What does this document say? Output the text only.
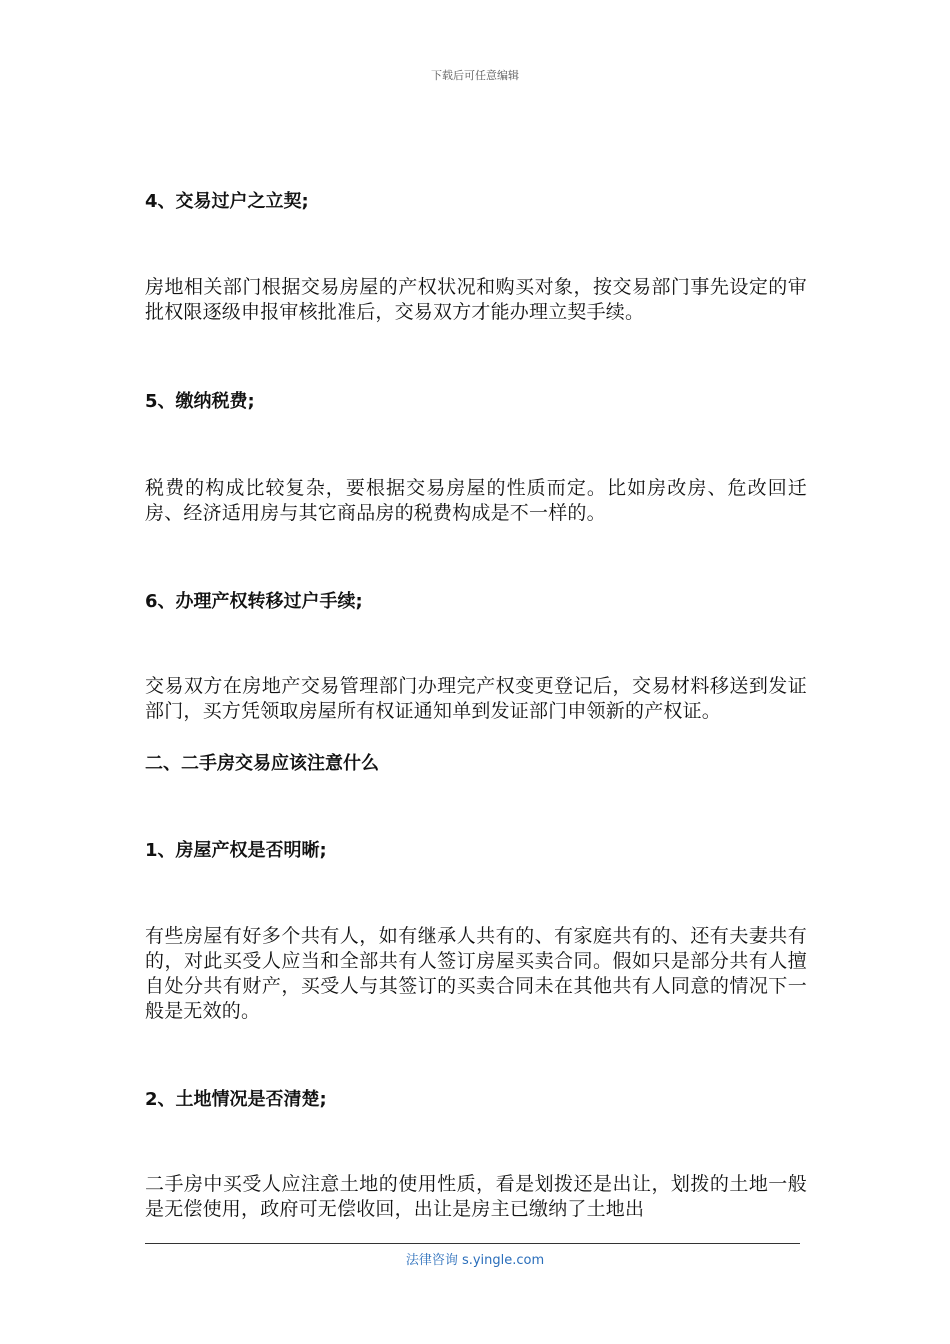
下载后可任意编辑
4、交易过户之立契;
房地相关部门根据交易房屋的产权状况和购买对象，按交易部门事先设定的审批权限逐级申报审核批准后，交易双方才能办理立契手续。
5、缴纳税费;
税费的构成比较复杂，要根据交易房屋的性质而定。比如房改房、危改回迁房、经济适用房与其它商品房的税费构成是不一样的。
6、办理产权转移过户手续;
交易双方在房地产交易管理部门办理完产权变更登记后，交易材料移送到发证部门，买方凭领取房屋所有权证通知单到发证部门申领新的产权证。
二、二手房交易应该注意什么
1、房屋产权是否明晰;
有些房屋有好多个共有人，如有继承人共有的、有家庭共有的、还有夫妻共有的，对此买受人应当和全部共有人签订房屋买卖合同。假如只是部分共有人擅自处分共有财产，买受人与其签订的买卖合同未在其他共有人同意的情况下一般是无效的。
2、土地情况是否清楚;
二手房中买受人应注意土地的使用性质，看是划拨还是出让，划拨的土地一般是无偿使用，政府可无偿收回，出让是房主已缴纳了土地出
法律咨询 s.yingle.com
